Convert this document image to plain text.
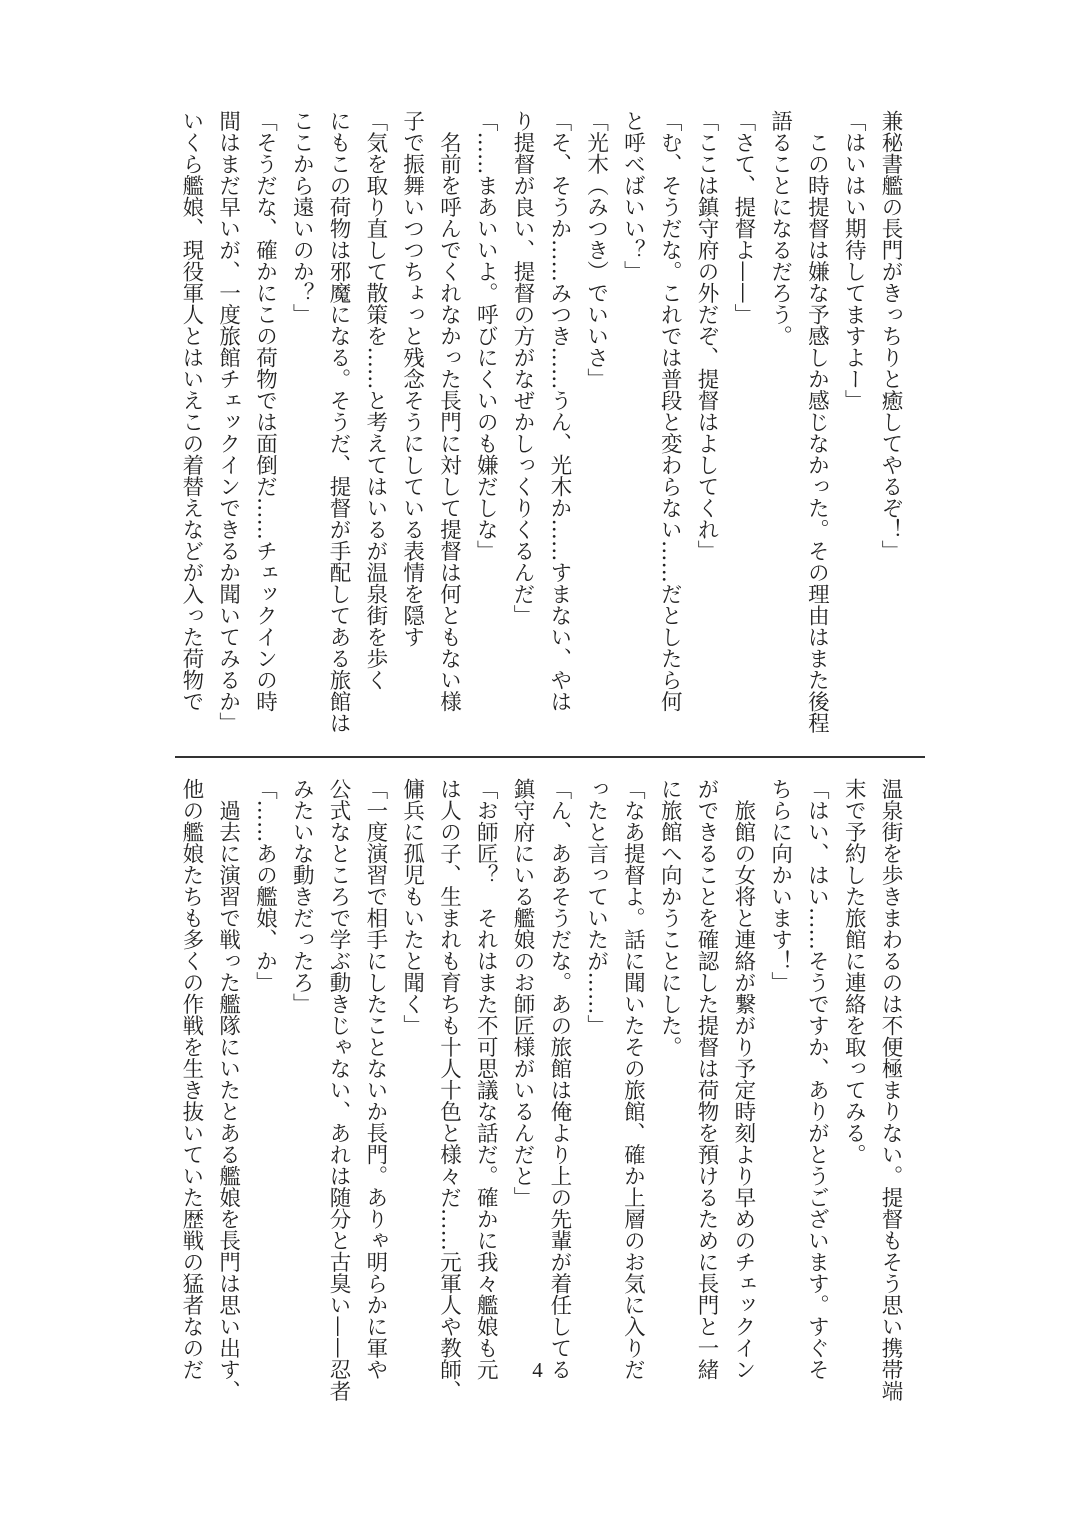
兼秘書艦の長門がきっちりと癒してやるぞ！」
「はいはい期待してますよー」
　この時提督は嫌な予感しか感じなかった。その理由はまた後程
語ることになるだろう。
「さて、提督よ——」
「ここは鎮守府の外だぞ、提督はよしてくれ」
「む、そうだな。これでは普段と変わらない……だとしたら何
と呼べばいい？」
「光木（みつき）でいいさ」
「そ、そうか……みつき……うん、光木か……すまない、やは
り提督が良い、提督の方がなぜかしっくりくるんだ」
「……まあいいよ。呼びにくいのも嫌だしな」
　名前を呼んでくれなかった長門に対して提督は何ともない様
子で振舞いつつちょっと残念そうにしている表情を隠す
「気を取り直して散策を……と考えてはいるが温泉街を歩く
にもこの荷物は邪魔になる。そうだ、提督が手配してある旅館は
ここから遠いのか？」
「そうだな、確かにこの荷物では面倒だ……チェックインの時
間はまだ早いが、一度旅館チェックインできるか聞いてみるか」
いくら艦娘、現役軍人とはいえこの着替えなどが入った荷物で
温泉街を歩きまわるのは不便極まりない。提督もそう思い携帯端
末で予約した旅館に連絡を取ってみる。
「はい、はい……そうですか、ありがとうございます。すぐそ
ちらに向かいます！」
　旅館の女将と連絡が繋がり予定時刻より早めのチェックイン
ができることを確認した提督は荷物を預けるために長門と一緒
に旅館へ向かうことにした。
「なあ提督よ。話に聞いたその旅館、確か上層のお気に入りだ
ったと言っていたが……」
「ん、ああそうだな。あの旅館は俺より上の先輩が着任してる
鎮守府にいる艦娘のお師匠様がいるんだと」
「お師匠？　それはまた不可思議な話だ。確かに我々艦娘も元
は人の子、生まれも育ちも十人十色と様々だ……元軍人や教師、
傭兵に孤児もいたと聞く」
「一度演習で相手にしたことないか長門。ありゃ明らかに軍や
公式なところで学ぶ動きじゃない、あれは随分と古臭い——忍者
みたいな動きだったろ」
「……あの艦娘、か」
　過去に演習で戦った艦隊にいたとある艦娘を長門は思い出す、
他の艦娘たちも多くの作戦を生き抜いていた歴戦の猛者なのだ	4
